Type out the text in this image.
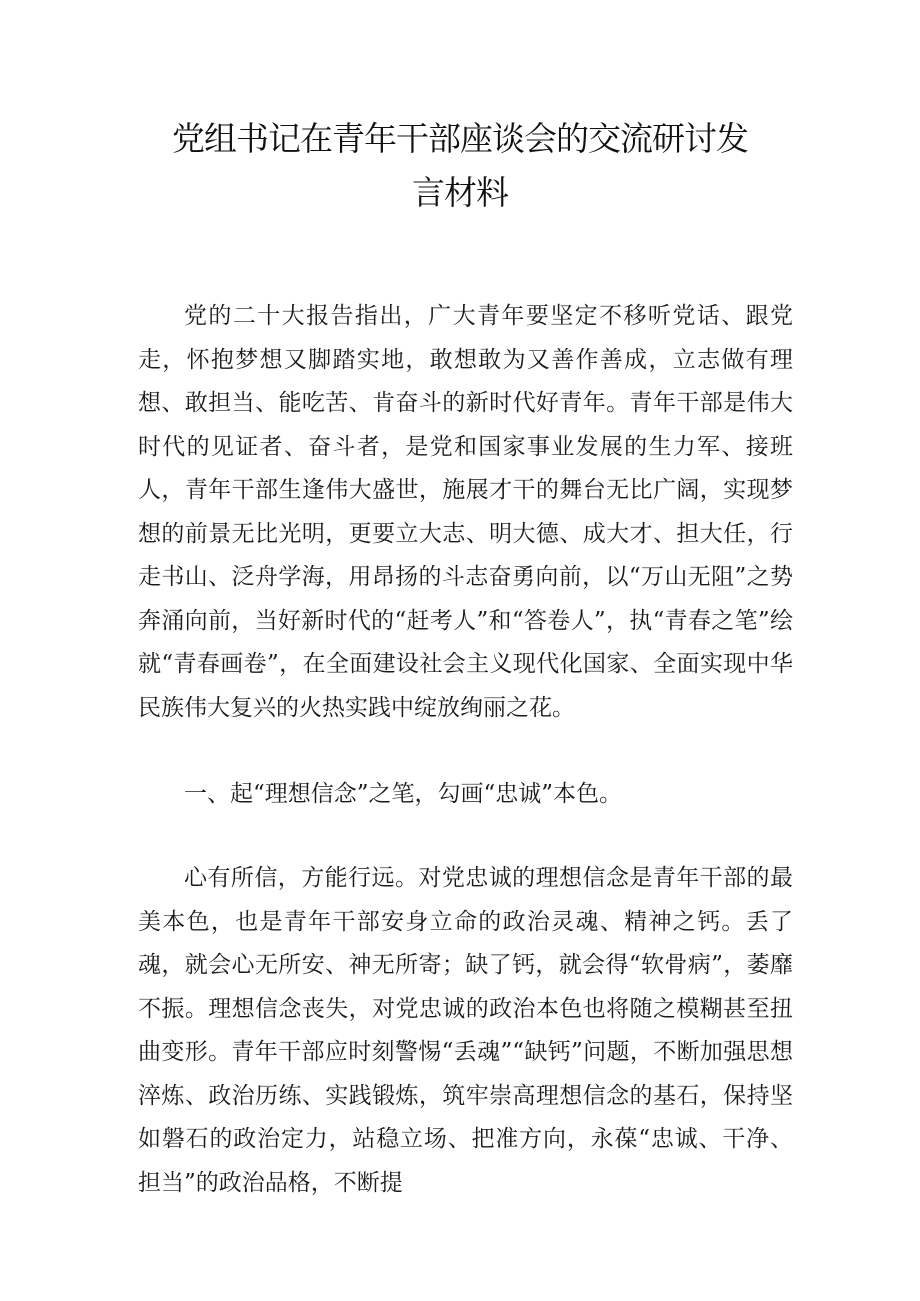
党组书记在青年干部座谈会的交流研讨发
言材料

党的二十大报告指出，广大青年要坚定不移听党话、跟党走，怀抱梦想又脚踏实地，敢想敢为又善作善成，立志做有理想、敢担当、能吃苦、肯奋斗的新时代好青年。青年干部是伟大时代的见证者、奋斗者，是党和国家事业发展的生力军、接班人，青年干部生逢伟大盛世，施展才干的舞台无比广阔，实现梦想的前景无比光明，更要立大志、明大德、成大才、担大任，行走书山、泛舟学海，用昂扬的斗志奋勇向前，以“万山无阻”之势奔涌向前，当好新时代的“赶考人”和“答卷人”，执“青春之笔”绘就“青春画卷”，在全面建设社会主义现代化国家、全面实现中华民族伟大复兴的火热实践中绽放绚丽之花。

一、起“理想信念”之笔，勾画“忠诚”本色。

心有所信，方能行远。对党忠诚的理想信念是青年干部的最美本色，也是青年干部安身立命的政治灵魂、精神之钙。丢了魂，就会心无所安、神无所寄；缺了钙，就会得“软骨病”，萎靡不振。理想信念丧失，对党忠诚的政治本色也将随之模糊甚至扭曲变形。青年干部应时刻警惕“丢魂”“缺钙”问题，不断加强思想淬炼、政治历练、实践锻炼，筑牢崇高理想信念的基石，保持坚如磐石的政治定力，站稳立场、把准方向，永葆“忠诚、干净、担当”的政治品格，不断提
